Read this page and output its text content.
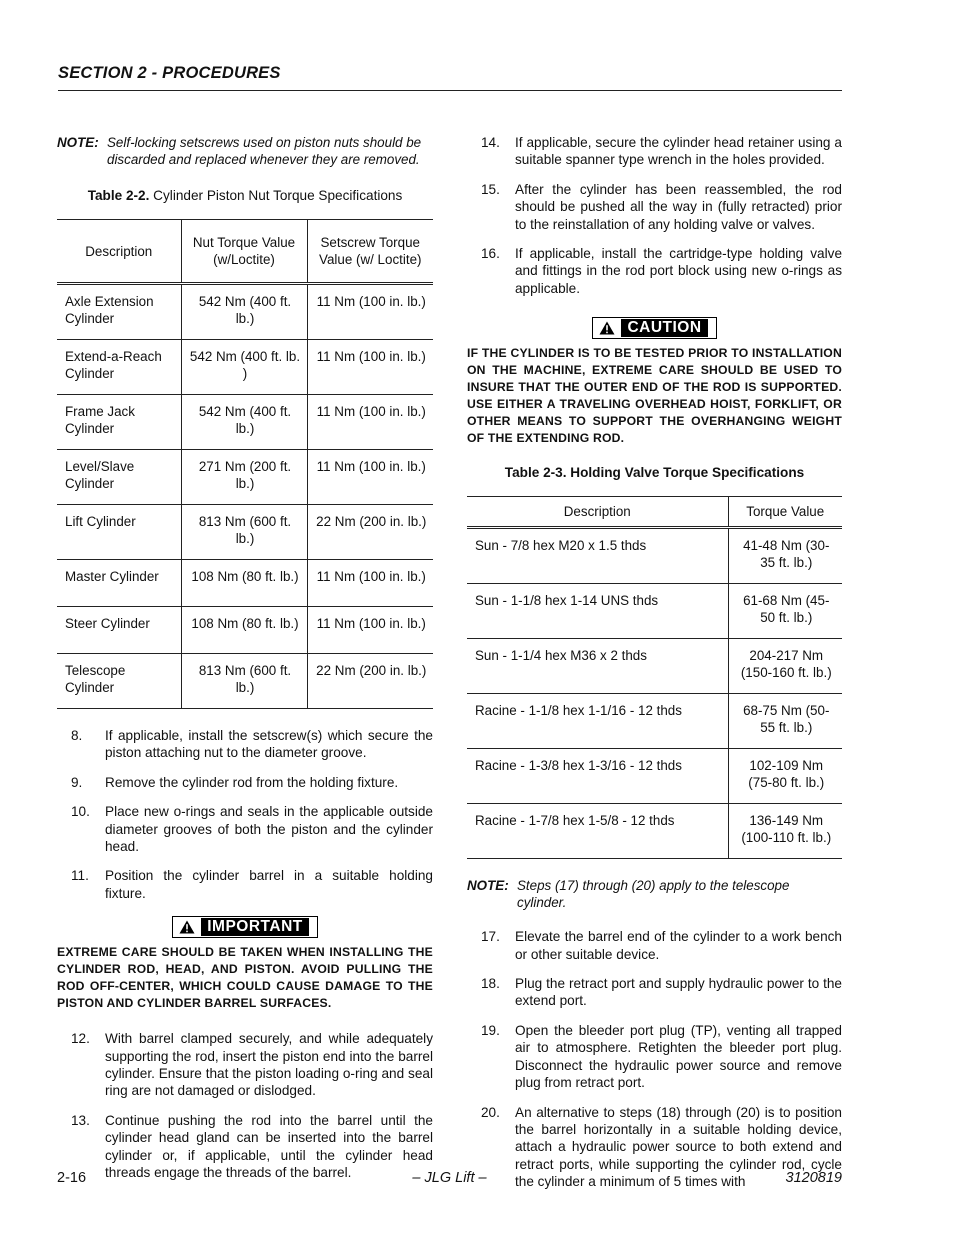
SECTION 2 - PROCEDURES
NOTE: Self-locking setscrews used on piston nuts should be discarded and replaced whenever they are removed.
Table 2-2. Cylinder Piston Nut Torque Specifications
Description	Nut Torque Value (w/Loctite)	Setscrew Torque Value (w/ Loctite)
Axle Extension Cylinder	542 Nm (400 ft. lb.)	11 Nm (100 in. lb.)
Extend-a-Reach Cylinder	542 Nm (400 ft. lb. )	11 Nm (100 in. lb.)
Frame Jack Cylinder	542 Nm (400 ft. lb.)	11 Nm (100 in. lb.)
Level/Slave Cylinder	271 Nm (200 ft. lb.)	11 Nm (100 in. lb.)
Lift Cylinder	813 Nm (600 ft. lb.)	22 Nm (200 in. lb.)
Master Cylinder	108 Nm (80 ft. lb.)	11 Nm (100 in. lb.)
Steer Cylinder	108 Nm (80 ft. lb.)	11 Nm (100 in. lb.)
Telescope Cylinder	813 Nm (600 ft. lb.)	22 Nm (200 in. lb.)
8.	If applicable, install the setscrew(s) which secure the piston attaching nut to the diameter groove.
9.	Remove the cylinder rod from the holding fixture.
10.	Place new o-rings and seals in the applicable outside diameter grooves of both the piston and the cylinder head.
11.	Position the cylinder barrel in a suitable holding fixture.
IMPORTANT
EXTREME CARE SHOULD BE TAKEN WHEN INSTALLING THE CYLINDER ROD, HEAD, AND PISTON. AVOID PULLING THE ROD OFF-CENTER, WHICH COULD CAUSE DAMAGE TO THE PISTON AND CYLINDER BARREL SURFACES.
12.	With barrel clamped securely, and while adequately supporting the rod, insert the piston end into the barrel cylinder. Ensure that the piston loading o-ring and seal ring are not damaged or dislodged.
13.	Continue pushing the rod into the barrel until the cylinder head gland can be inserted into the barrel cylinder or, if applicable, until the cylinder head threads engage the threads of the barrel.
14.	If applicable, secure the cylinder head retainer using a suitable spanner type wrench in the holes provided.
15.	After the cylinder has been reassembled, the rod should be pushed all the way in (fully retracted) prior to the reinstallation of any holding valve or valves.
16.	If applicable, install the cartridge-type holding valve and fittings in the rod port block using new o-rings as applicable.
CAUTION
IF THE CYLINDER IS TO BE TESTED PRIOR TO INSTALLATION ON THE MACHINE, EXTREME CARE SHOULD BE USED TO INSURE THAT THE OUTER END OF THE ROD IS SUPPORTED. USE EITHER A TRAVELING OVERHEAD HOIST, FORKLIFT, OR OTHER MEANS TO SUPPORT THE OVERHANGING WEIGHT OF THE EXTENDING ROD.
Table 2-3. Holding Valve Torque Specifications
Description	Torque Value
Sun - 7/8 hex M20 x 1.5 thds	41-48 Nm (30-35 ft. lb.)
Sun - 1-1/8 hex 1-14 UNS thds	61-68 Nm (45-50 ft. lb.)
Sun - 1-1/4 hex M36 x 2 thds	204-217 Nm (150-160 ft. lb.)
Racine - 1-1/8 hex 1-1/16 - 12 thds	68-75 Nm (50-55 ft. lb.)
Racine - 1-3/8 hex 1-3/16 - 12 thds	102-109 Nm (75-80 ft. lb.)
Racine - 1-7/8 hex 1-5/8 - 12 thds	136-149 Nm (100-110 ft. lb.)
NOTE: Steps (17) through (20) apply to the telescope cylinder.
17.	Elevate the barrel end of the cylinder to a work bench or other suitable device.
18.	Plug the retract port and supply hydraulic power to the extend port.
19.	Open the bleeder port plug (TP), venting all trapped air to atmosphere. Retighten the bleeder port plug. Disconnect the hydraulic power source and remove plug from retract port.
20.	An alternative to steps (18) through (20) is to position the barrel horizontally in a suitable holding device, attach a hydraulic power source to both extend and retract ports, while supporting the cylinder rod, cycle the cylinder a minimum of 5 times with
2-16	– JLG Lift –	3120819
